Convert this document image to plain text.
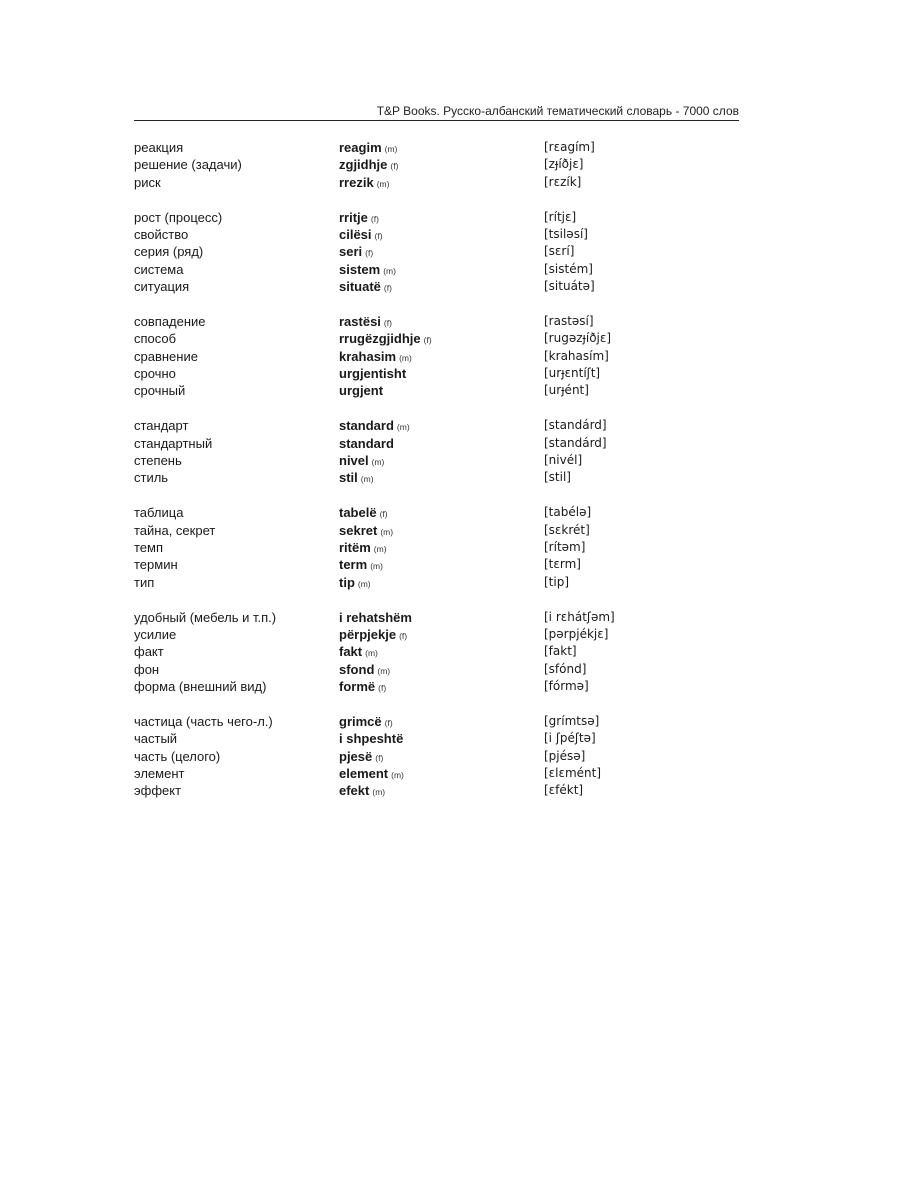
T&P Books. Русско-албанский тематический словарь - 7000 слов
реакция	reagim (m)	[rɛagím]
решение (задачи)	zgjidhje (f)	[zɟíðjɛ]
риск	rrezik (m)	[rɛzík]
рост (процесс)	rritje (f)	[rítjɛ]
свойство	cilësi (f)	[tsiləsí]
серия (ряд)	seri (f)	[sɛrí]
система	sistem (m)	[sistém]
ситуация	situatë (f)	[situátə]
совпадение	rastësi (f)	[rastəsí]
способ	rrugëzgjidhje (f)	[rugəzɟíðjɛ]
сравнение	krahasim (m)	[krahasím]
срочно	urgjentisht	[urɟɛntíʃt]
срочный	urgjent	[urɟént]
стандарт	standard (m)	[standárd]
стандартный	standard	[standárd]
степень	nivel (m)	[nivél]
стиль	stil (m)	[stil]
таблица	tabelë (f)	[tabélə]
тайна, секрет	sekret (m)	[sɛkrét]
темп	ritëm (m)	[rítəm]
термин	term (m)	[tɛrm]
тип	tip (m)	[tip]
удобный (мебель и т.п.)	i rehatshëm	[i rɛhátʃəm]
усилие	përpjekje (f)	[pərpjékjɛ]
факт	fakt (m)	[fakt]
фон	sfond (m)	[sfónd]
форма (внешний вид)	formë (f)	[fórmə]
частица (часть чего-л.)	grimcë (f)	[grímtsə]
частый	i shpeshtë	[i ʃpéʃtə]
часть (целого)	pjesë (f)	[pjésə]
элемент	element (m)	[ɛlɛmént]
эффект	efekt (m)	[ɛfékt]
